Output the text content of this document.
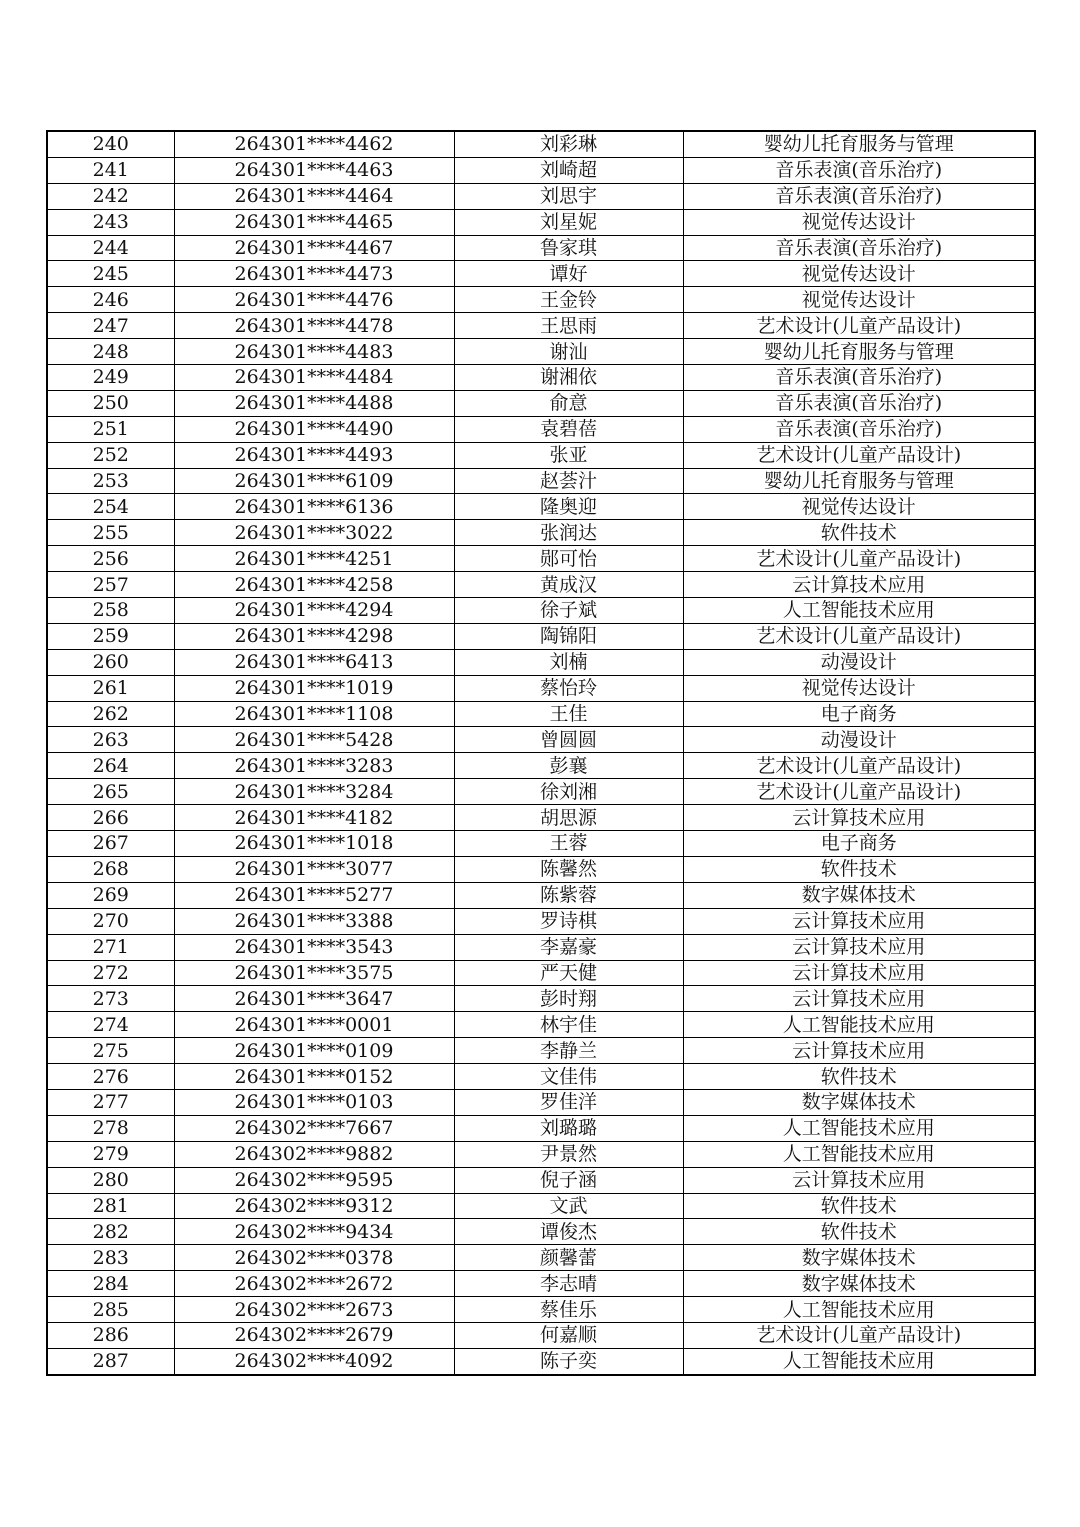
240	264301****4462	刘彩琳	婴幼儿托育服务与管理
241	264301****4463	刘崎超	音乐表演(音乐治疗)
242	264301****4464	刘思宇	音乐表演(音乐治疗)
243	264301****4465	刘星妮	视觉传达设计
244	264301****4467	鲁家琪	音乐表演(音乐治疗)
245	264301****4473	谭好	视觉传达设计
246	264301****4476	王金铃	视觉传达设计
247	264301****4478	王思雨	艺术设计(儿童产品设计)
248	264301****4483	谢汕	婴幼儿托育服务与管理
249	264301****4484	谢湘依	音乐表演(音乐治疗)
250	264301****4488	俞意	音乐表演(音乐治疗)
251	264301****4490	袁碧蓓	音乐表演(音乐治疗)
252	264301****4493	张亚	艺术设计(儿童产品设计)
253	264301****6109	赵荟汁	婴幼儿托育服务与管理
254	264301****6136	隆奥迎	视觉传达设计
255	264301****3022	张润达	软件技术
256	264301****4251	郧可怡	艺术设计(儿童产品设计)
257	264301****4258	黄成汉	云计算技术应用
258	264301****4294	徐子斌	人工智能技术应用
259	264301****4298	陶锦阳	艺术设计(儿童产品设计)
260	264301****6413	刘楠	动漫设计
261	264301****1019	蔡怡玲	视觉传达设计
262	264301****1108	王佳	电子商务
263	264301****5428	曾圆圆	动漫设计
264	264301****3283	彭襄	艺术设计(儿童产品设计)
265	264301****3284	徐刘湘	艺术设计(儿童产品设计)
266	264301****4182	胡思源	云计算技术应用
267	264301****1018	王蓉	电子商务
268	264301****3077	陈馨然	软件技术
269	264301****5277	陈紫蓉	数字媒体技术
270	264301****3388	罗诗棋	云计算技术应用
271	264301****3543	李嘉豪	云计算技术应用
272	264301****3575	严天健	云计算技术应用
273	264301****3647	彭时翔	云计算技术应用
274	264301****0001	林宇佳	人工智能技术应用
275	264301****0109	李静兰	云计算技术应用
276	264301****0152	文佳伟	软件技术
277	264301****0103	罗佳洋	数字媒体技术
278	264302****7667	刘璐璐	人工智能技术应用
279	264302****9882	尹景然	人工智能技术应用
280	264302****9595	倪子涵	云计算技术应用
281	264302****9312	文武	软件技术
282	264302****9434	谭俊杰	软件技术
283	264302****0378	颜馨蕾	数字媒体技术
284	264302****2672	李志晴	数字媒体技术
285	264302****2673	蔡佳乐	人工智能技术应用
286	264302****2679	何嘉顺	艺术设计(儿童产品设计)
287	264302****4092	陈子奕	人工智能技术应用
